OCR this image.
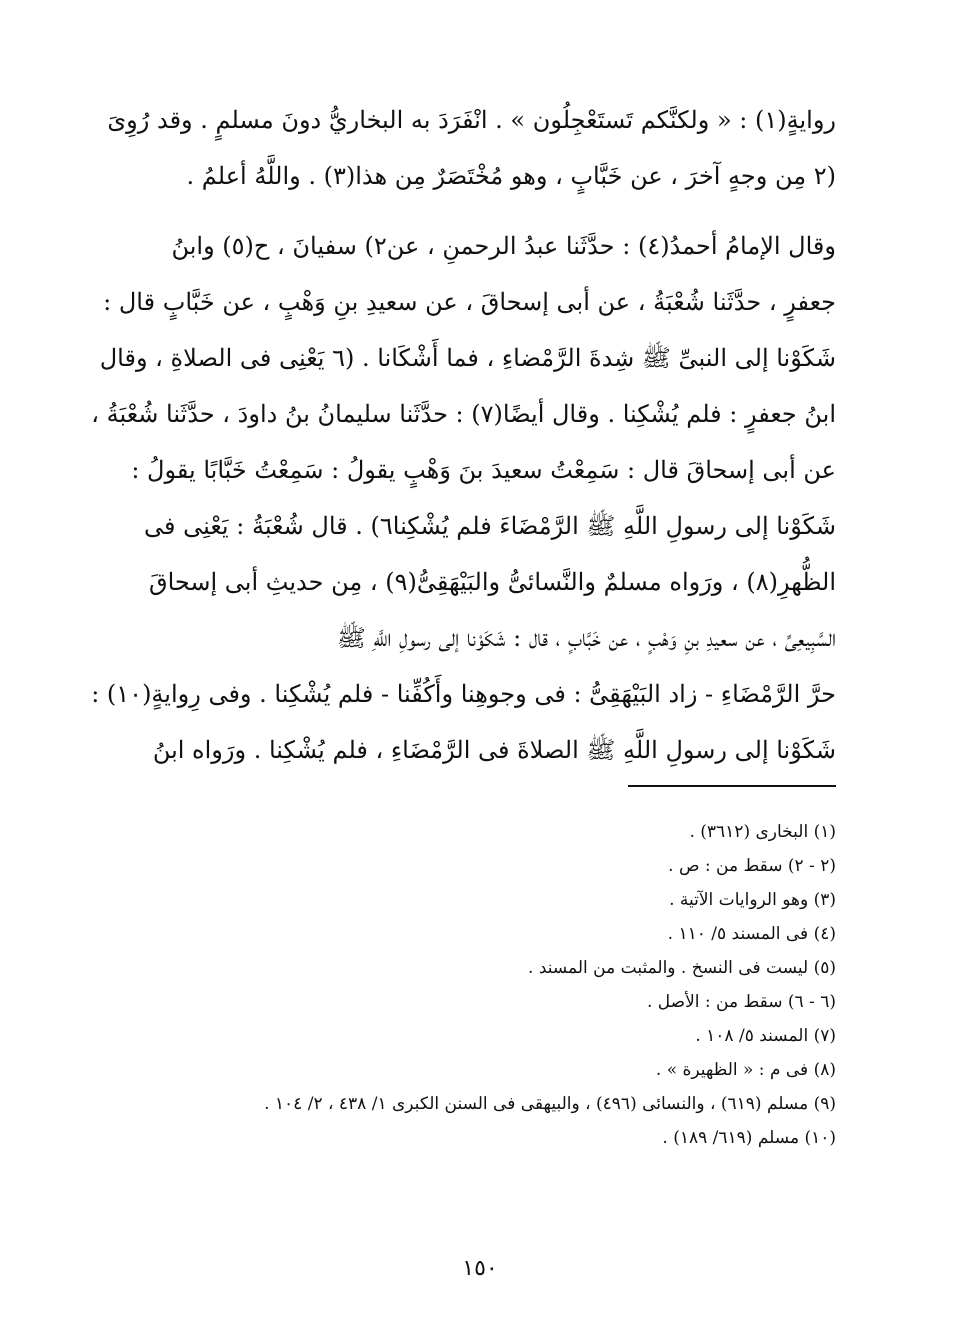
روايةٍ(١) : « ولكنَّكم تَستَعْجِلُون » . انْفَرَدَ به البخاريُّ دونَ مسلمٍ . وقد رُوِىَ
(٢ مِن وجهٍ آخرَ ، عن خَبَّابٍ ، وهو مُخْتَصَرٌ مِن هذا(٣) . واللَّهُ أعلمُ .
وقال الإمامُ أحمدُ(٤) : حدَّثَنا عبدُ الرحمنِ ، عن٢) سفيانَ ، ح(٥) وابنُ
جعفرٍ ، حدَّثَنا شُعْبَةُ ، عن أبى إسحاقَ ، عن سعيدِ بنِ وَهْبٍ ، عن خَبَّابٍ قال :
شَكَوْنا إلى النبىِّ ﷺ شِدةَ الرَّمْضاءِ ، فما أَشْكَانا . (٦ يَعْنِى فى الصلاةِ ، وقال
ابنُ جعفرٍ : فلم يُشْكِنا . وقال أيضًا(٧) : حدَّثَنا سليمانُ بنُ داودَ ، حدَّثَنا شُعْبَةُ ،
عن أبى إسحاقَ قال : سَمِعْتُ سعيدَ بنَ وَهْبٍ يقولُ : سَمِعْتُ خَبَّابًا يقولُ :
شَكَوْنا إلى رسولِ اللَّهِ ﷺ الرَّمْضَاءَ فلم يُشْكِنا٦) . قال شُعْبَةُ : يَعْنِى فى
الظُّهرِ(٨) ، ورَواه مسلمٌ والنَّسائىُّ والبَيْهَقِىُّ(٩) ، مِن حديثِ أبى إسحاقَ
السَّبِيعِىِّ ، عن سعيدِ بنِ وَهْبٍ ، عن خَبَّابٍ ، قال : شَكَوْنا إلى رسولِ اللَّهِ ﷺ
حرَّ الرَّمْضَاءِ - زاد البَيْهَقِىُّ : فى وجوهِنا وأَكُفِّنا - فلم يُشْكِنا . وفى رِوايةٍ(١٠) :
شَكَوْنا إلى رسولِ اللَّهِ ﷺ الصلاةَ فى الرَّمْضَاءِ ، فلم يُشْكِنا . ورَواه ابنُ
(١) البخارى (٣٦١٢) .
(٢ - ٢) سقط من : ص .
(٣) وهو الروايات الآتية .
(٤) فى المسند ٥/ ١١٠ .
(٥) ليست فى النسخ . والمثبت من المسند .
(٦ - ٦) سقط من : الأصل .
(٧) المسند ٥/ ١٠٨ .
(٨) فى م : « الظهيرة » .
(٩) مسلم (٦١٩) ، والنسائى (٤٩٦) ، والبيهقى فى السنن الكبرى ١/ ٤٣٨ ، ٢/ ١٠٤ .
(١٠) مسلم (٦١٩/ ١٨٩) .
١٥٠
